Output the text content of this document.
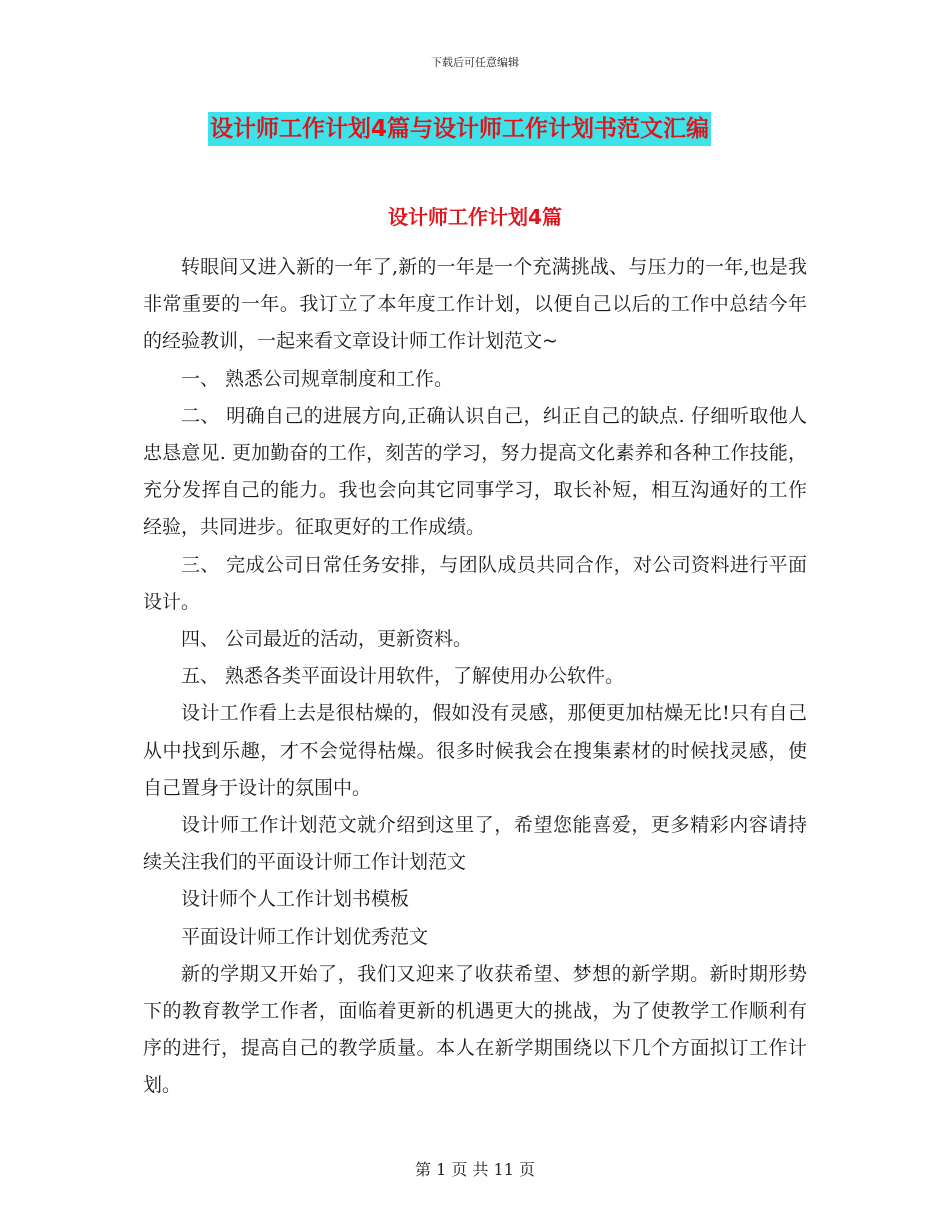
下载后可任意编辑
设计师工作计划4篇与设计师工作计划书范文汇编
设计师工作计划4篇

转眼间又进入新的一年了,新的一年是一个充满挑战、与压力的一年,也是我非常重要的一年。我订立了本年度工作计划，以便自己以后的工作中总结今年的经验教训，一起来看文章设计师工作计划范文~

一、 熟悉公司规章制度和工作。

二、 明确自己的进展方向,正确认识自己，纠正自己的缺点. 仔细听取他人忠恳意见. 更加勤奋的工作，刻苦的学习，努力提高文化素养和各种工作技能，充分发挥自己的能力。我也会向其它同事学习，取长补短，相互沟通好的工作经验，共同进步。征取更好的工作成绩。

三、 完成公司日常任务安排，与团队成员共同合作，对公司资料进行平面设计。

四、 公司最近的活动，更新资料。

五、 熟悉各类平面设计用软件，了解使用办公软件。

设计工作看上去是很枯燥的，假如没有灵感，那便更加枯燥无比!只有自己从中找到乐趣，才不会觉得枯燥。很多时候我会在搜集素材的时候找灵感，使自己置身于设计的氛围中。

设计师工作计划范文就介绍到这里了，希望您能喜爱，更多精彩内容请持续关注我们的平面设计师工作计划范文

设计师个人工作计划书模板

平面设计师工作计划优秀范文

新的学期又开始了，我们又迎来了收获希望、梦想的新学期。新时期形势下的教育教学工作者，面临着更新的机遇更大的挑战，为了使教学工作顺利有序的进行，提高自己的教学质量。本人在新学期围绕以下几个方面拟订工作计划。

第 1 页 共 11 页
